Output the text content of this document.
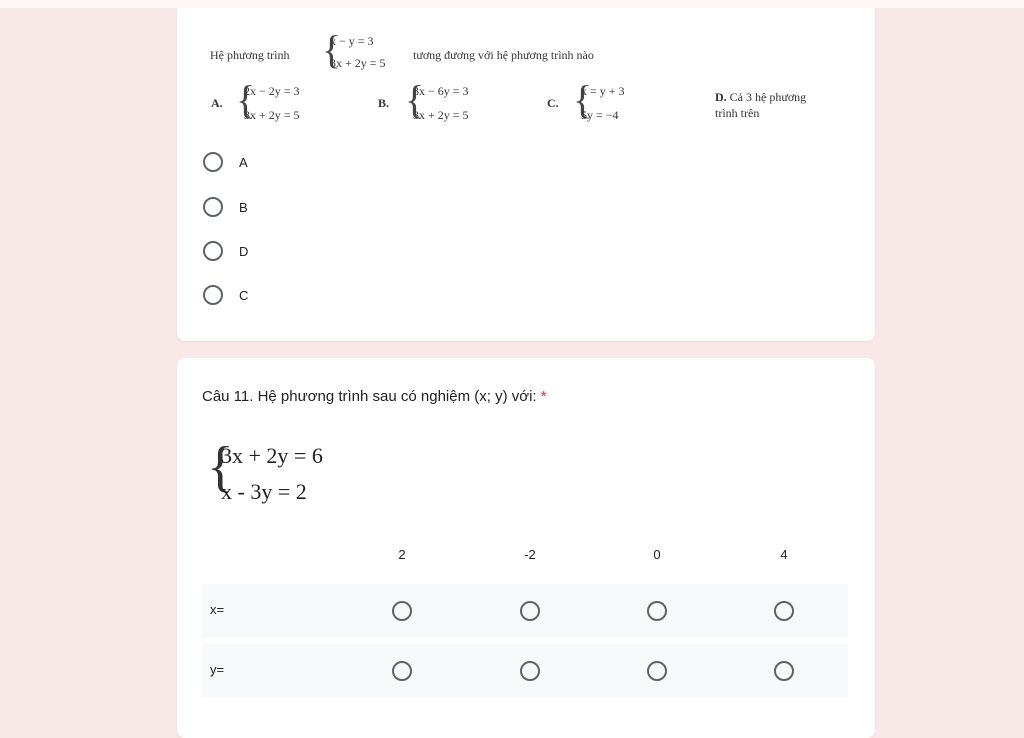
Hệ phương trình {
x − y = 3
3x + 2y = 5
tương đương với hệ phương trình nào
A. {
2x − 2y = 3
3x + 2y = 5
B. {
3x − 6y = 3
3x + 2y = 5
C. {
x = y + 3
5y = −4
D. Cả 3 hệ phương
trình trên
A
B
D
C
Câu 11. Hệ phương trình sau có nghiệm (x; y) với: *
{
3x + 2y = 6
x - 3y = 2
2	-2	0	4
x=
y=
